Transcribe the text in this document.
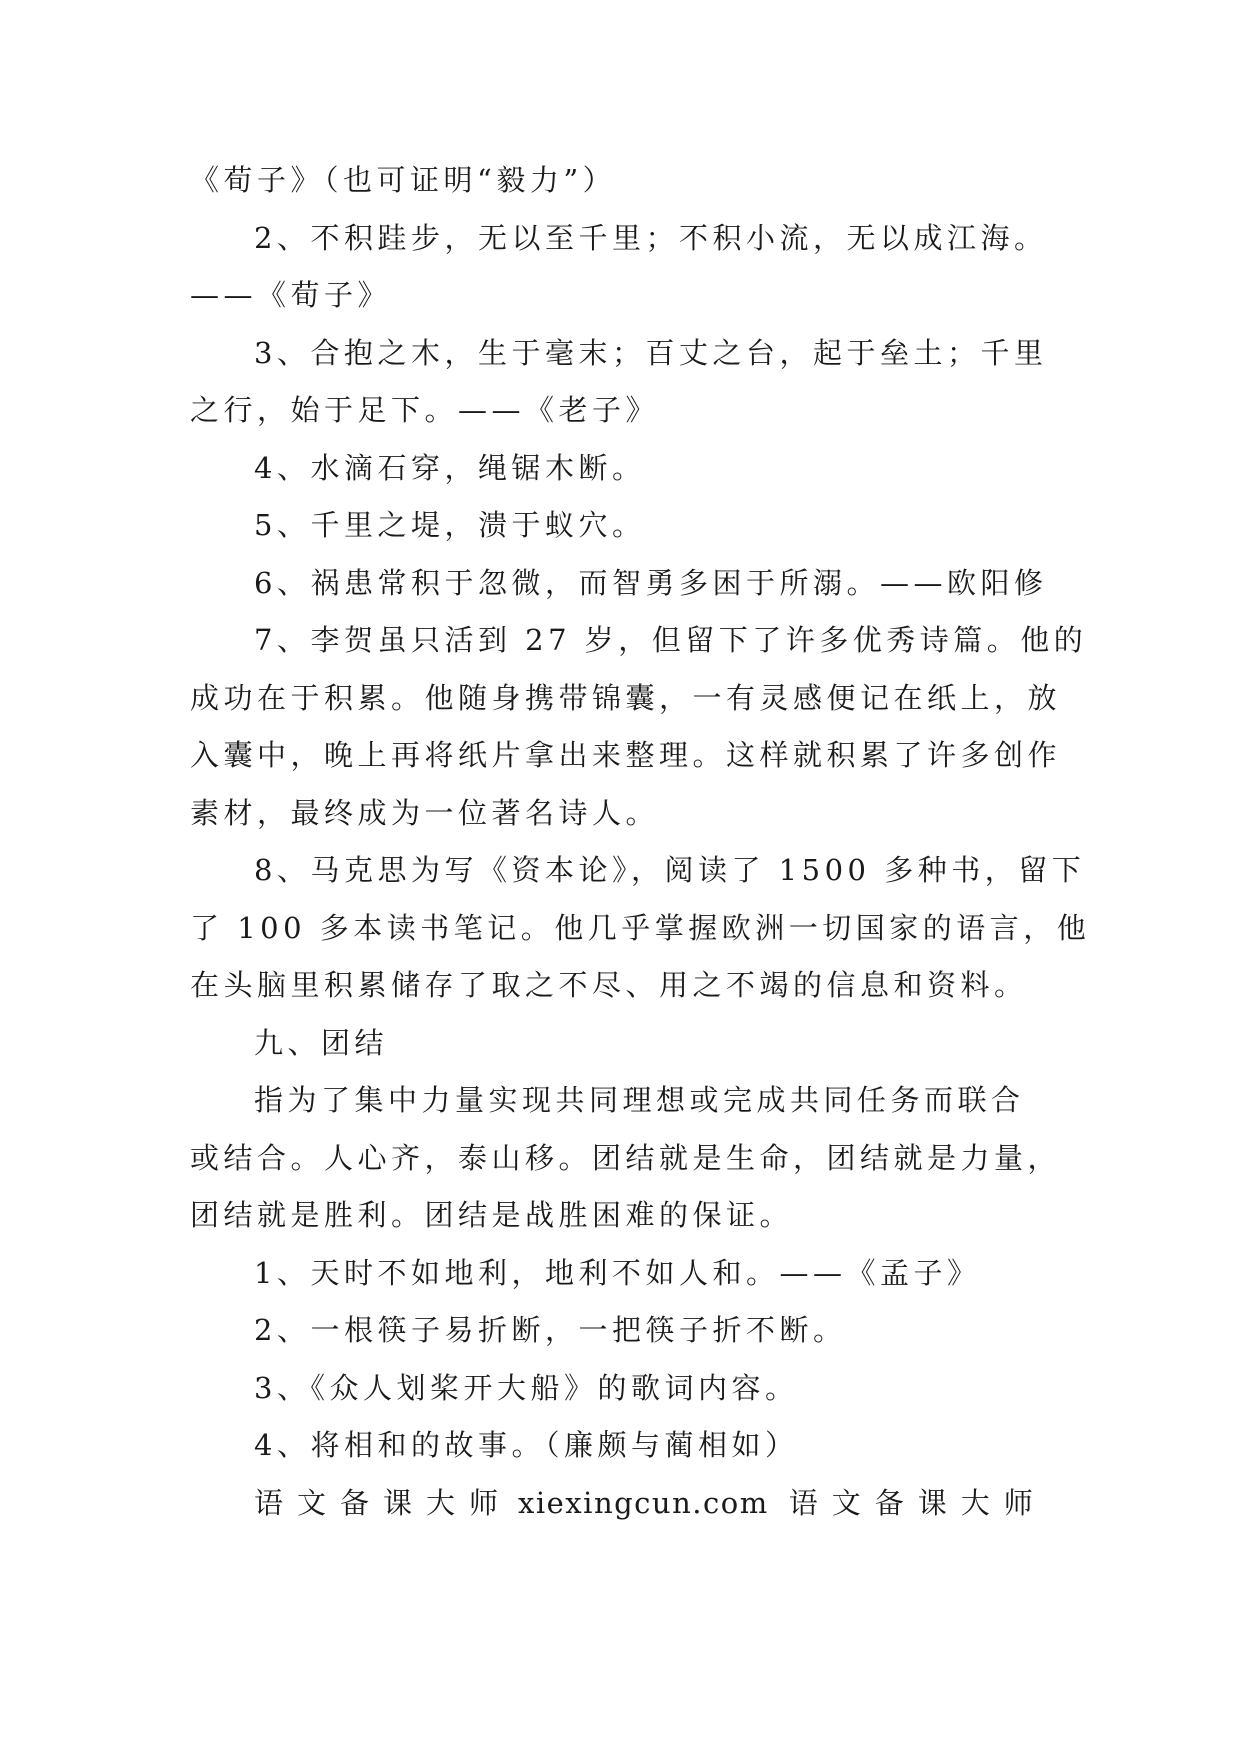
《荀子》（也可证明“毅力”）

2、不积跬步，无以至千里；不积小流，无以成江海。

——《荀子》

3、合抱之木，生于毫末；百丈之台，起于垒土；千里

之行，始于足下。——《老子》

4、水滴石穿，绳锯木断。

5、千里之堤，溃于蚁穴。

6、祸患常积于忽微，而智勇多困于所溺。——欧阳修

7、李贺虽只活到 27 岁，但留下了许多优秀诗篇。他的

成功在于积累。他随身携带锦囊，一有灵感便记在纸上，放

入囊中，晚上再将纸片拿出来整理。这样就积累了许多创作

素材，最终成为一位著名诗人。

8、马克思为写《资本论》，阅读了 1500 多种书，留下

了 100 多本读书笔记。他几乎掌握欧洲一切国家的语言，他

在头脑里积累储存了取之不尽、用之不竭的信息和资料。

九、团结

指为了集中力量实现共同理想或完成共同任务而联合

或结合。人心齐，泰山移。团结就是生命，团结就是力量，

团结就是胜利。团结是战胜困难的保证。

1、天时不如地利，地利不如人和。——《孟子》

2、一根筷子易折断，一把筷子折不断。

3、《众人划桨开大船》的歌词内容。

4、将相和的故事。（廉颇与蔺相如）

语文备课大师 xiexingcun.com 语文备课大师
